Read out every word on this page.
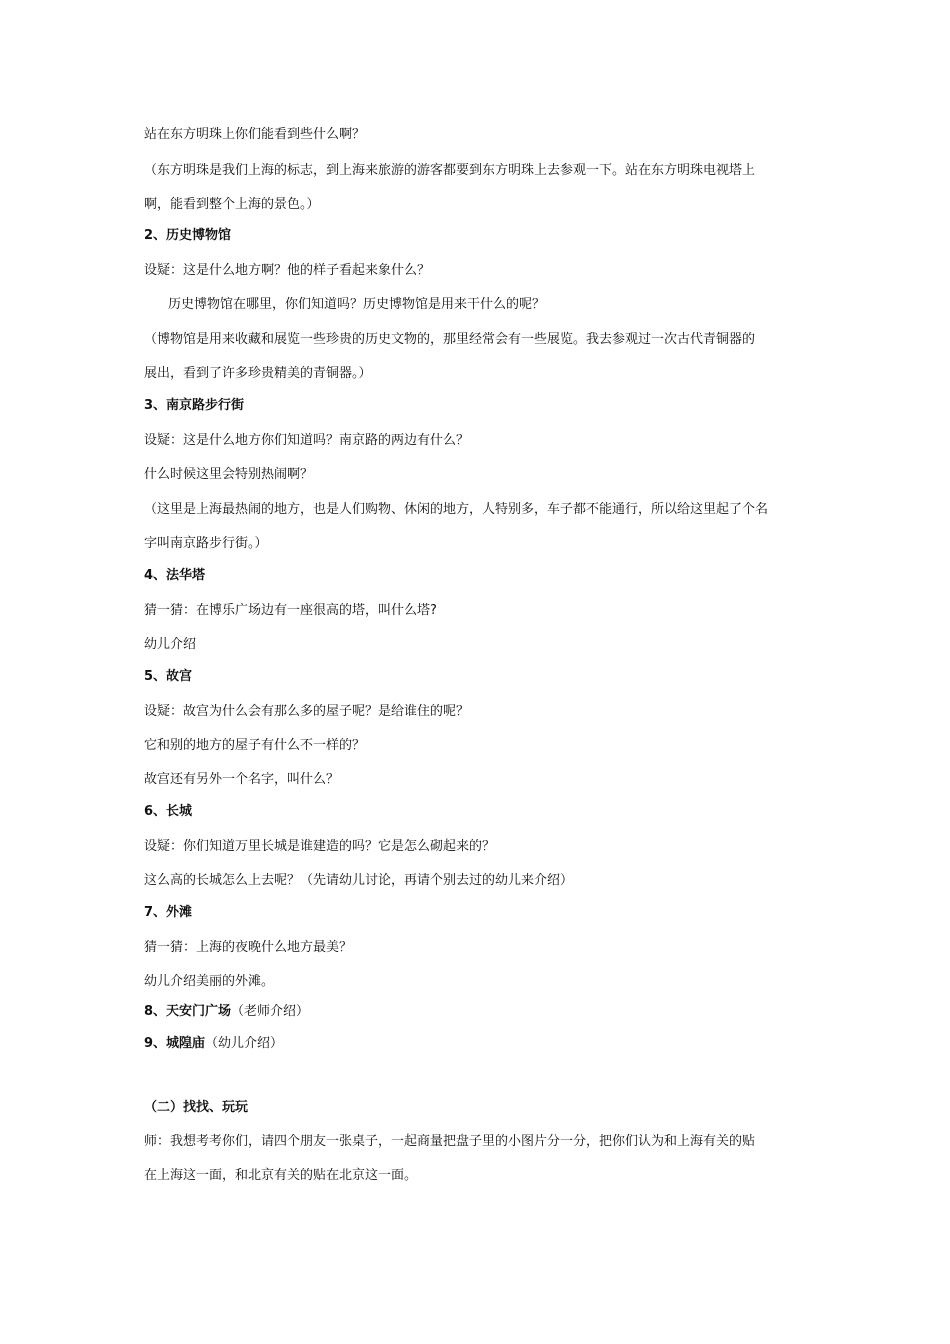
站在东方明珠上你们能看到些什么啊？
（东方明珠是我们上海的标志，到上海来旅游的游客都要到东方明珠上去参观一下。站在东方明珠电视塔上
啊，能看到整个上海的景色。）
2、历史博物馆
设疑：这是什么地方啊？他的样子看起来象什么？
历史博物馆在哪里，你们知道吗？历史博物馆是用来干什么的呢？
（博物馆是用来收藏和展览一些珍贵的历史文物的，那里经常会有一些展览。我去参观过一次古代青铜器的
展出，看到了许多珍贵精美的青铜器。）
3、南京路步行街
设疑：这是什么地方你们知道吗？南京路的两边有什么？
什么时候这里会特别热闹啊？
（这里是上海最热闹的地方，也是人们购物、休闲的地方，人特别多，车子都不能通行，所以给这里起了个名
字叫南京路步行街。）
4、法华塔
猜一猜：在博乐广场边有一座很高的塔，叫什么塔?
幼儿介绍
5、故宫
设疑：故宫为什么会有那么多的屋子呢？是给谁住的呢？
它和别的地方的屋子有什么不一样的？
故宫还有另外一个名字，叫什么？
6、长城
设疑：你们知道万里长城是谁建造的吗？它是怎么砌起来的？
这么高的长城怎么上去呢？（先请幼儿讨论，再请个别去过的幼儿来介绍）
7、外滩
猜一猜：上海的夜晚什么地方最美？
幼儿介绍美丽的外滩。
8、天安门广场（老师介绍）
9、城隍庙（幼儿介绍）
（二）找找、玩玩
师：我想考考你们，请四个朋友一张桌子，一起商量把盘子里的小图片分一分，把你们认为和上海有关的贴
在上海这一面，和北京有关的贴在北京这一面。
